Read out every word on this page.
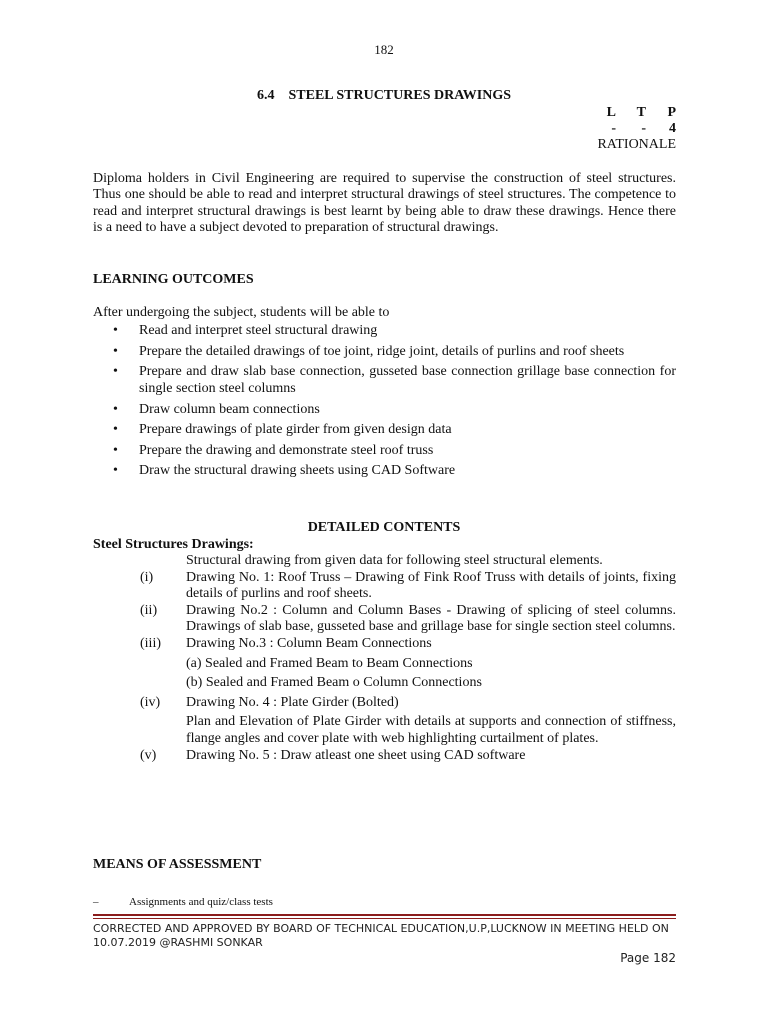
182
6.4    STEEL STRUCTURES DRAWINGS
L T P
- - 4
RATIONALE
Diploma holders in Civil Engineering are required to supervise the construction of steel structures. Thus one should be able to read and interpret structural drawings of steel structures. The competence to read and interpret structural drawings is best learnt by being able to draw these drawings. Hence there is a need to have a subject devoted to preparation of structural drawings.
LEARNING OUTCOMES
After undergoing the subject, students will be able to
• Read and interpret steel structural drawing
• Prepare the detailed drawings of toe joint, ridge joint, details of purlins and roof sheets
• Prepare and draw slab base connection, gusseted base connection grillage base connection for single section steel columns
• Draw column beam connections
• Prepare drawings of plate girder from given design data
• Prepare the drawing and demonstrate steel roof truss
• Draw the structural drawing sheets using CAD Software
DETAILED CONTENTS
Steel Structures Drawings:
Structural drawing from given data for following steel structural elements.
(i) Drawing No. 1: Roof Truss – Drawing of Fink Roof Truss with details of joints, fixing details of purlins and roof sheets.
(ii) Drawing No.2 : Column and Column Bases - Drawing of splicing of steel columns. Drawings of slab base, gusseted base and grillage base for single section steel columns.
(iii) Drawing No.3 : Column Beam Connections
(a) Sealed and Framed Beam to Beam Connections
(b) Sealed and Framed Beam o Column Connections
(iv) Drawing No. 4 : Plate Girder (Bolted)
Plan and Elevation of Plate Girder with details at supports and connection of stiffness, flange angles and cover plate with web highlighting curtailment of plates.
(v) Drawing No. 5 : Draw atleast one sheet using CAD software
MEANS OF ASSESSMENT
–	Assignments and quiz/class tests
CORRECTED AND APPROVED BY BOARD OF TECHNICAL EDUCATION,U.P,LUCKNOW IN MEETING HELD ON 10.07.2019 @RASHMI SONKAR
Page 182
